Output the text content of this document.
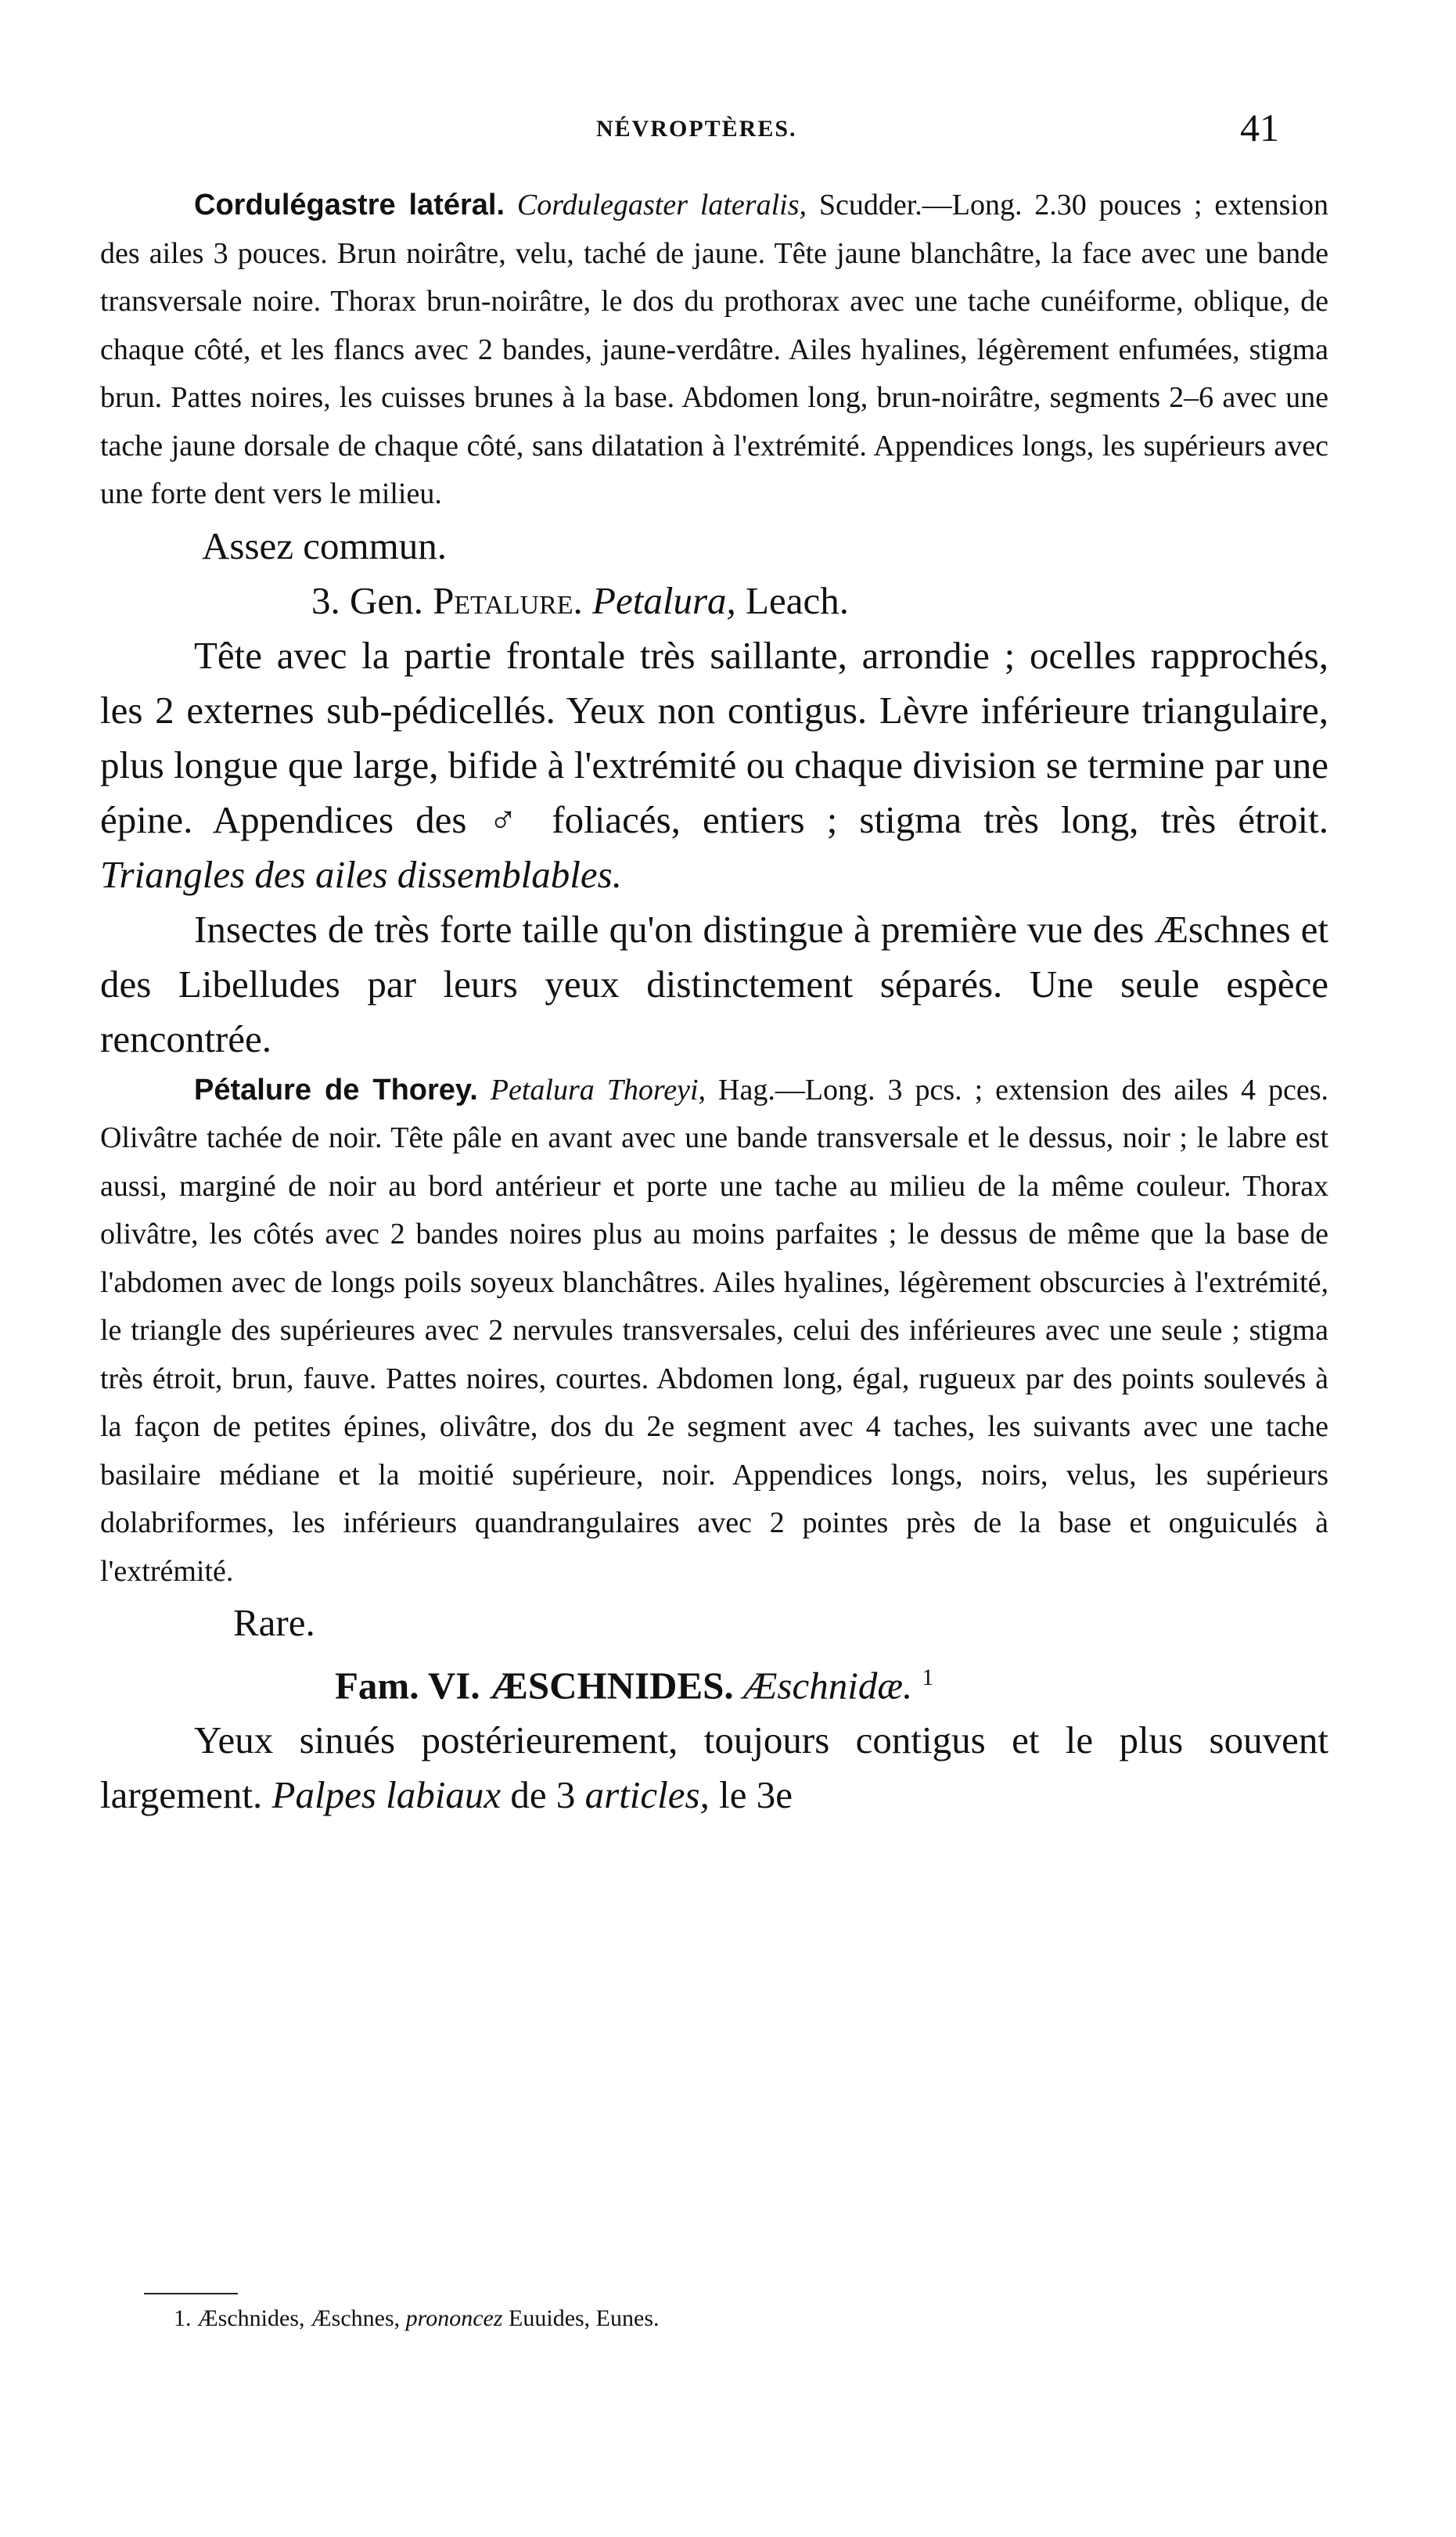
NÉVROPTÈRES.	41

Cordulégastre latéral. Cordulegaster lateralis, Scudder.—Long. 2.30 pouces ; extension des ailes 3 pouces. Brun noirâtre, velu, taché de jaune. Tête jaune blanchâtre, la face avec une bande transversale noire. Thorax brun-noirâtre, le dos du prothorax avec une tache cunéiforme, oblique, de chaque côté, et les flancs avec 2 bandes, jaune-verdâtre. Ailes hyalines, légèrement enfumées, stigma brun. Pattes noires, les cuisses brunes à la base. Abdomen long, brun-noirâtre, segments 2–6 avec une tache jaune dorsale de chaque côté, sans dilatation à l'extrémité. Appendices longs, les supérieurs avec une forte dent vers le milieu.

Assez commun.

3. Gen. Petalure. Petalura, Leach.

Tête avec la partie frontale très saillante, arrondie ; ocelles rapprochés, les 2 externes sub-pédicellés. Yeux non contigus. Lèvre inférieure triangulaire, plus longue que large, bifide à l'extrémité ou chaque division se termine par une épine. Appendices des ♂ foliacés, entiers ; stigma très long, très étroit. Triangles des ailes dissemblables.

Insectes de très forte taille qu'on distingue à première vue des Æschnes et des Libelludes par leurs yeux distinctement séparés. Une seule espèce rencontrée.

Pétalure de Thorey. Petalura Thoreyi, Hag.—Long. 3 pcs. ; extension des ailes 4 pces. Olivâtre tachée de noir. Tête pâle en avant avec une bande transversale et le dessus, noir ; le labre est aussi, marginé de noir au bord antérieur et porte une tache au milieu de la même couleur. Thorax olivâtre, les côtés avec 2 bandes noires plus au moins parfaites ; le dessus de même que la base de l'abdomen avec de longs poils soyeux blanchâtres. Ailes hyalines, légèrement obscurcies à l'extrémité, le triangle des supérieures avec 2 nervules transversales, celui des inférieures avec une seule ; stigma très étroit, brun, fauve. Pattes noires, courtes. Abdomen long, égal, rugueux par des points soulevés à la façon de petites épines, olivâtre, dos du 2e segment avec 4 taches, les suivants avec une tache basilaire médiane et la moitié supérieure, noir. Appendices longs, noirs, velus, les supérieurs dolabriformes, les inférieurs quandrangulaires avec 2 pointes près de la base et onguiculés à l'extrémité.

Rare.

Fam. VI. ÆSCHNIDES. Æschnidæ. $^1$

Yeux sinués postérieurement, toujours contigus et le plus souvent largement. Palpes labiaux de 3 articles, le 3e

1. Æschnides, Æschnes, prononcez Euuides, Eunes.
